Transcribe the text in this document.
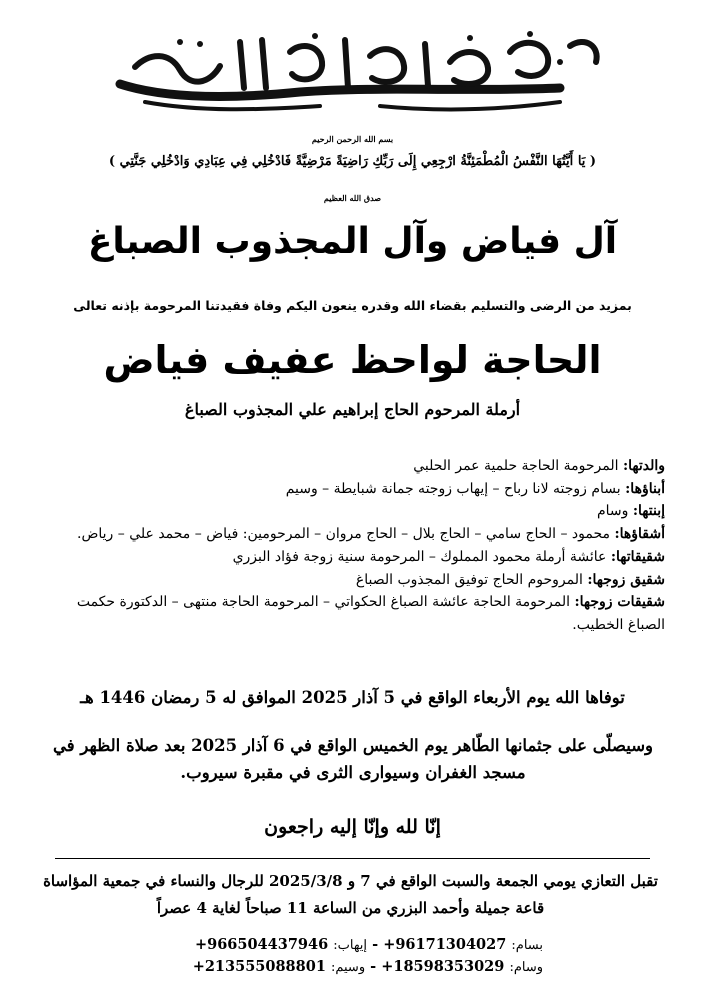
بسم الله الرحمن الرحيم
( يَا أَيَّتُهَا النَّفْسُ الْمُطْمَئِنَّةُ ارْجِعِي إِلَى رَبِّكِ رَاضِيَةً مَرْضِيَّةً فَادْخُلِي فِي عِبَادِي وَادْخُلِي جَنَّتِي )
صدق الله العظيم
آل فياض وآل المجذوب الصباغ
بمزيد من الرضى والتسليم بقضاء الله وقدره ينعون اليكم وفاة فقيدتنا المرحومة بإذنه تعالى
الحاجة لواحظ عفيف فياض
أرملة المرحوم الحاج إبراهيم علي المجذوب الصباغ

والدتها: المرحومة الحاجة حلمية عمر الحلبي

أبناؤها: بسام زوجته لانا رباح – إيهاب زوجته جمانة شبايطة – وسيم

إبنتها: وسام

أشقاؤها: محمود – الحاج سامي – الحاج بلال – الحاج مروان – المرحومين: فياض – محمد علي – رياض.

شقيقاتها: عائشة أرملة محمود المملوك – المرحومة سنية زوجة فؤاد البزري

شقيق زوجها: المروحوم الحاج توفيق المجذوب الصباغ

شقيقات زوجها: المرحومة الحاجة عائشة الصباغ الحكواتي – المرحومة الحاجة منتهى – الدكتورة حكمت الصباغ الخطيب.

توفاها الله يوم الأربعاء الواقع في 5 آذار 2025 الموافق له 5 رمضان 1446 هـ
وسيصلّى على جثمانها الطّاهر يوم الخميس الواقع في 6 آذار 2025 بعد صلاة الظهر في مسجد الغفران وسيوارى الثرى في مقبرة سيروب.
إنّا لله وإنّا إليه راجعون
تقبل التعازي يومي الجمعة والسبت الواقع في 7 و 2025/3/8 للرجال والنساء في جمعية المؤاساة قاعة جميلة وأحمد البزري من الساعة 11 صباحاً لغاية 4 عصراً
بسام: +96171304027 - إيهاب: +966504437946
وسام: +18598353029 - وسيم: +213555088801
